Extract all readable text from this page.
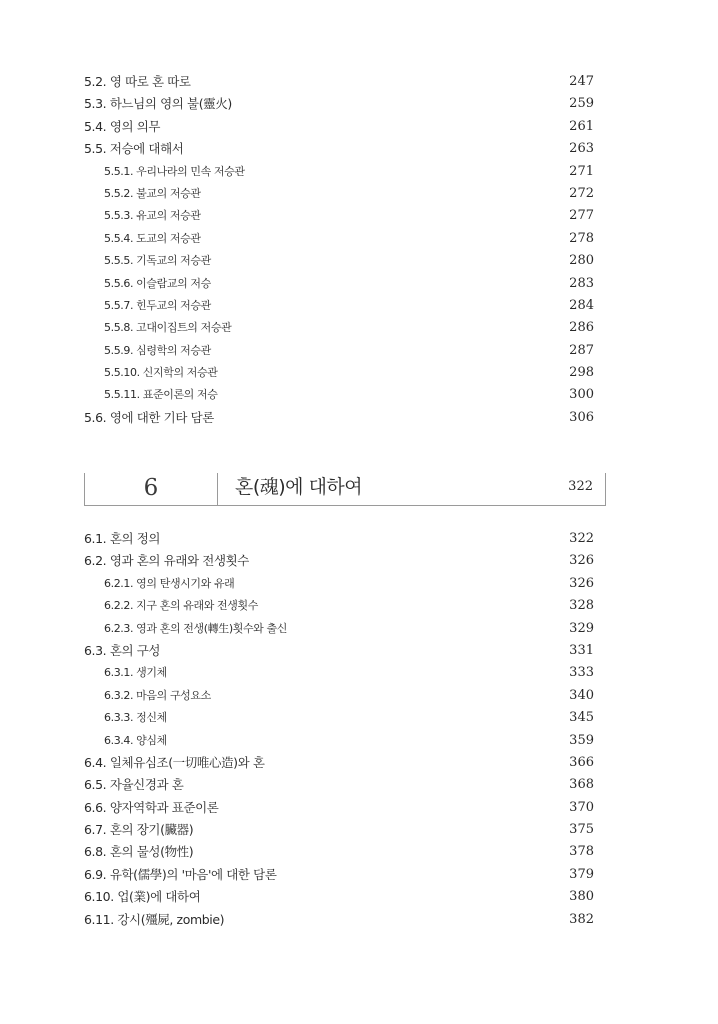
5.2. 영 따로 혼 따로	247
5.3. 하느님의 영의 불(靈火)	259
5.4. 영의 의무	261
5.5. 저승에 대해서	263
5.5.1. 우리나라의 민속 저승관	271
5.5.2. 불교의 저승관	272
5.5.3. 유교의 저승관	277
5.5.4. 도교의 저승관	278
5.5.5. 기독교의 저승관	280
5.5.6. 이슬람교의 저승	283
5.5.7. 힌두교의 저승관	284
5.5.8. 고대이집트의 저승관	286
5.5.9. 심령학의 저승관	287
5.5.10. 신지학의 저승관	298
5.5.11. 표준이론의 저승	300
5.6. 영에 대한 기타 담론	306
6	혼(魂)에 대하여	322
6.1. 혼의 정의	322
6.2. 영과 혼의 유래와 전생횟수	326
6.2.1. 영의 탄생시기와 유래	326
6.2.2. 지구 혼의 유래와 전생횟수	328
6.2.3. 영과 혼의 전생(轉生)횟수와 출신	329
6.3. 혼의 구성	331
6.3.1. 생기체	333
6.3.2. 마음의 구성요소	340
6.3.3. 정신체	345
6.3.4. 양심체	359
6.4. 일체유심조(一切唯心造)와 혼	366
6.5. 자율신경과 혼	368
6.6. 양자역학과 표준이론	370
6.7. 혼의 장기(臟器)	375
6.8. 혼의 물성(物性)	378
6.9. 유학(儒學)의 '마음'에 대한 담론	379
6.10. 업(業)에 대하여	380
6.11. 강시(殭屍, zombie)	382
